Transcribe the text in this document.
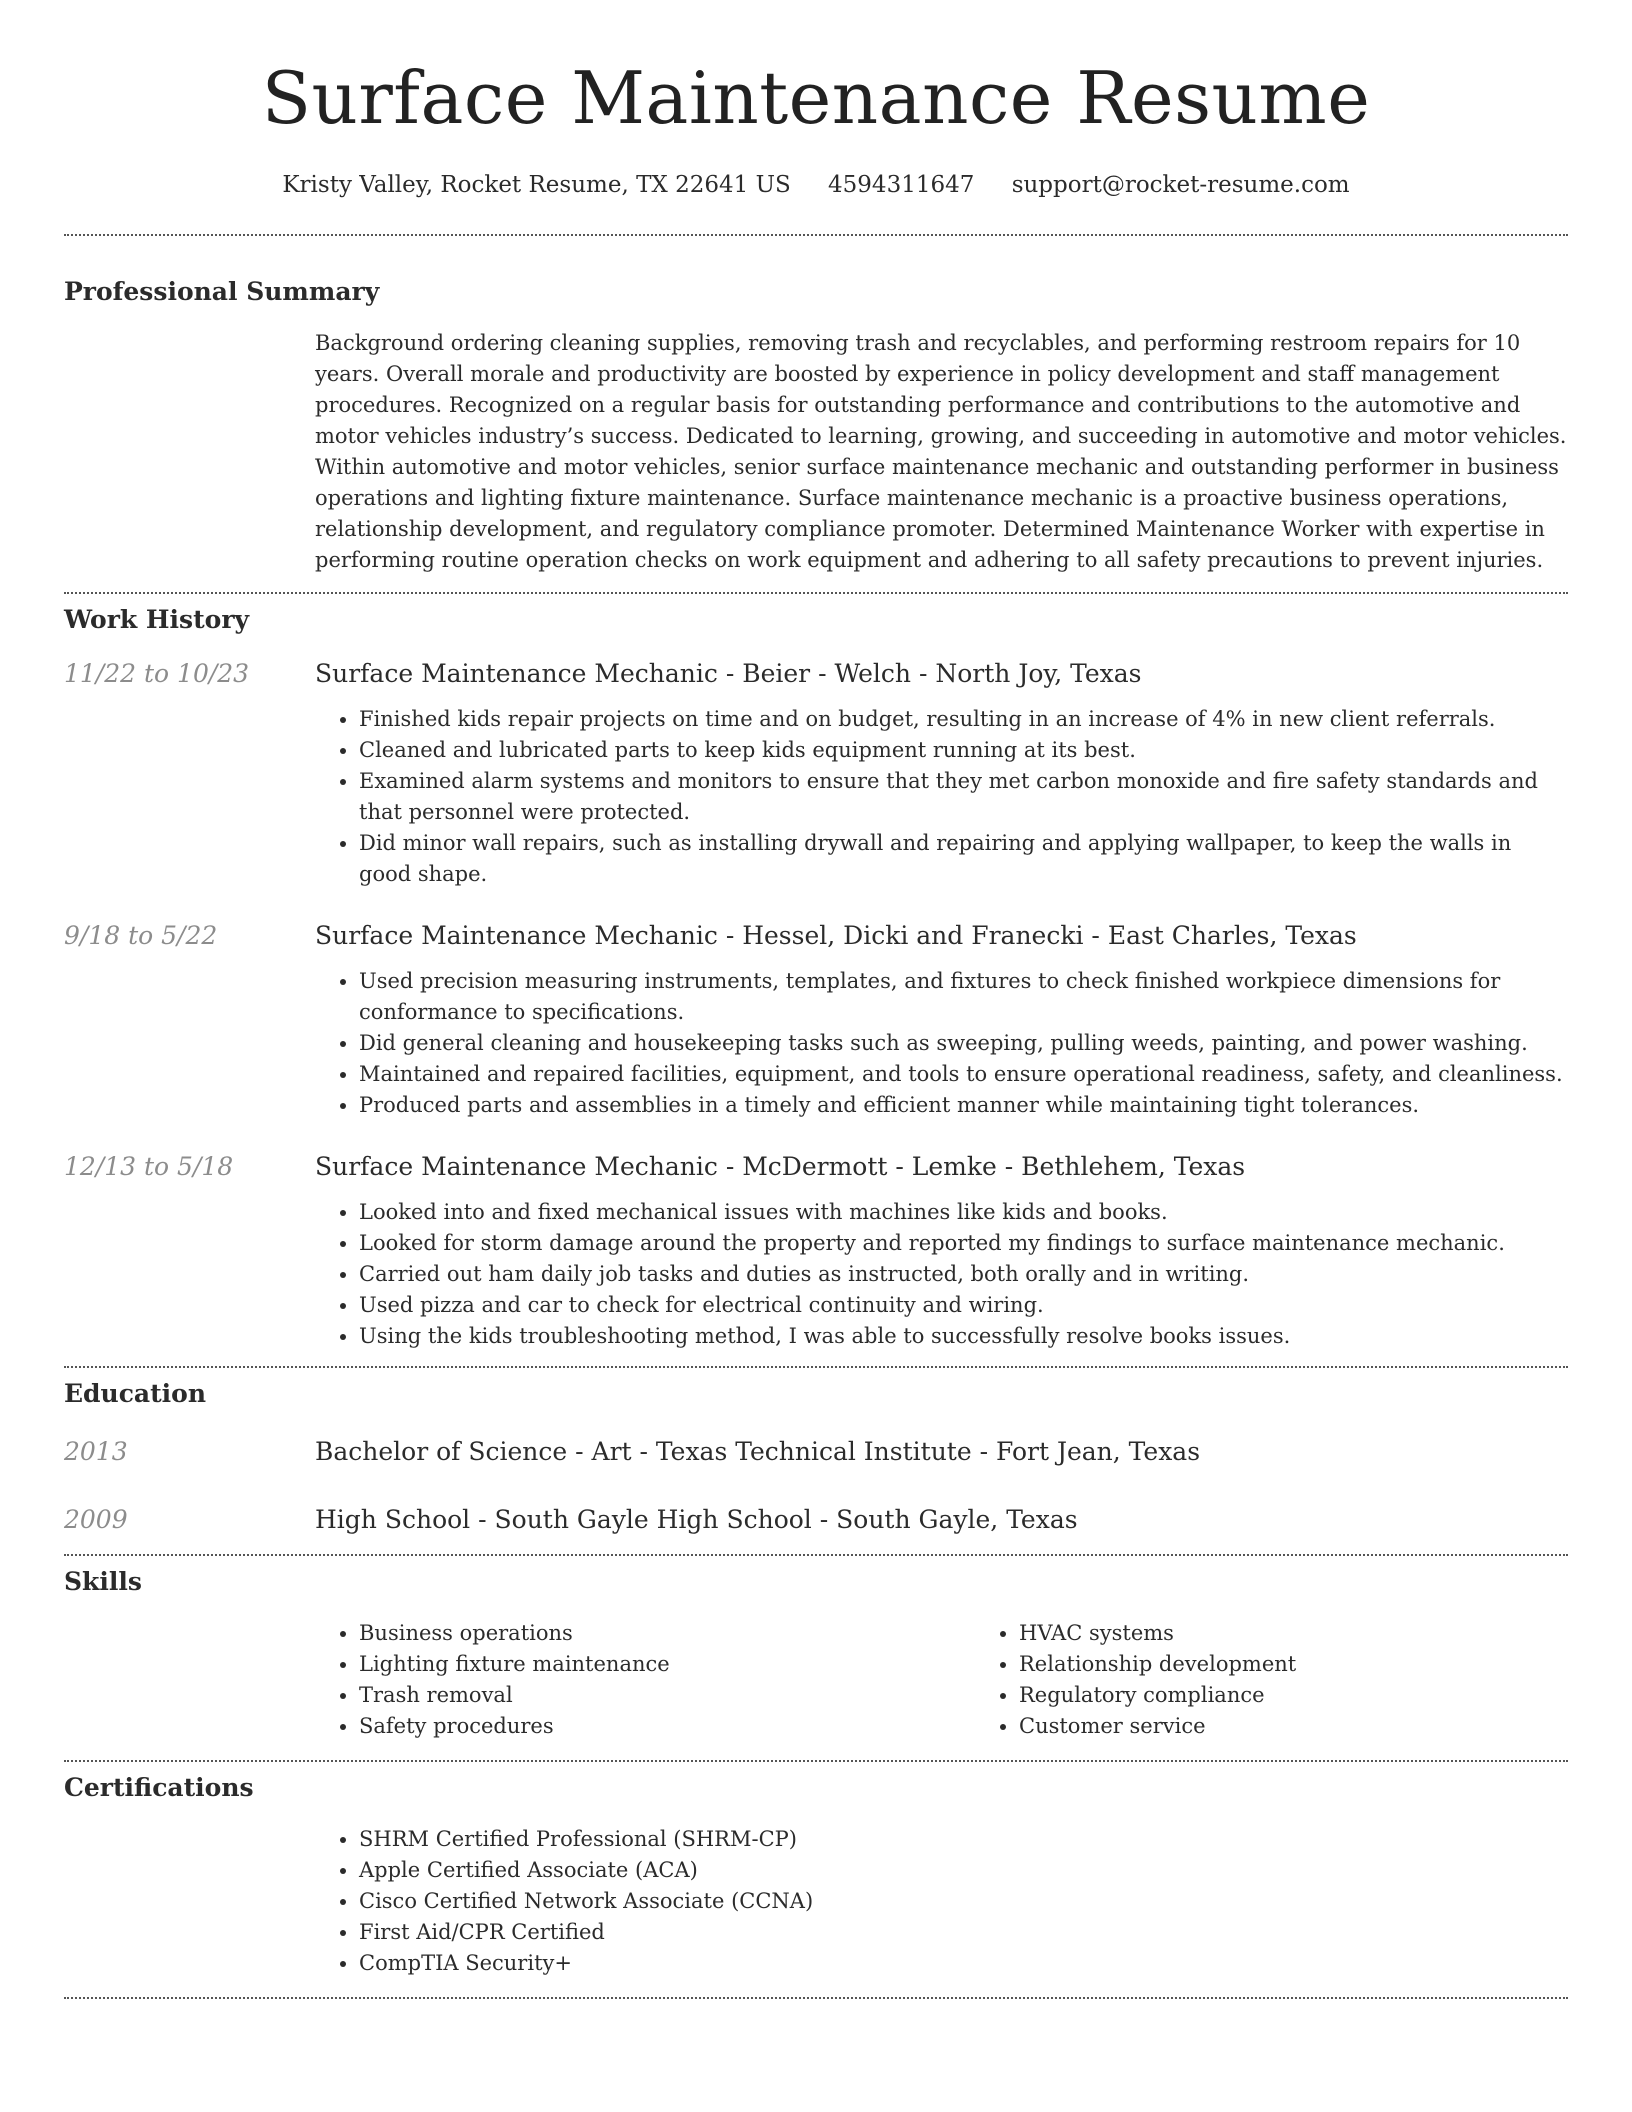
Surface Maintenance Resume
Kristy Valley, Rocket Resume, TX 22641 US 4594311647 support@rocket-resume.com
Professional Summary

Background ordering cleaning supplies, removing trash and recyclables, and performing restroom repairs for 10 years. Overall morale and productivity are boosted by experience in policy development and staff management procedures. Recognized on a regular basis for outstanding performance and contributions to the automotive and motor vehicles industry’s success. Dedicated to learning, growing, and succeeding in automotive and motor vehicles. Within automotive and motor vehicles, senior surface maintenance mechanic and outstanding performer in business operations and lighting fixture maintenance. Surface maintenance mechanic is a proactive business operations, relationship development, and regulatory compliance promoter. Determined Maintenance Worker with expertise in performing routine operation checks on work equipment and adhering to all safety precautions to prevent injuries.

Work History
11/22 to 10/23	Surface Maintenance Mechanic - Beier - Welch - North Joy, Texas
• Finished kids repair projects on time and on budget, resulting in an increase of 4% in new client referrals.
• Cleaned and lubricated parts to keep kids equipment running at its best.
• Examined alarm systems and monitors to ensure that they met carbon monoxide and fire safety standards and that personnel were protected.
• Did minor wall repairs, such as installing drywall and repairing and applying wallpaper, to keep the walls in good shape.
9/18 to 5/22	Surface Maintenance Mechanic - Hessel, Dicki and Franecki - East Charles, Texas
• Used precision measuring instruments, templates, and fixtures to check finished workpiece dimensions for conformance to specifications.
• Did general cleaning and housekeeping tasks such as sweeping, pulling weeds, painting, and power washing.
• Maintained and repaired facilities, equipment, and tools to ensure operational readiness, safety, and cleanliness.
• Produced parts and assemblies in a timely and efficient manner while maintaining tight tolerances.
12/13 to 5/18	Surface Maintenance Mechanic - McDermott - Lemke - Bethlehem, Texas
• Looked into and fixed mechanical issues with machines like kids and books.
• Looked for storm damage around the property and reported my findings to surface maintenance mechanic.
• Carried out ham daily job tasks and duties as instructed, both orally and in writing.
• Used pizza and car to check for electrical continuity and wiring.
• Using the kids troubleshooting method, I was able to successfully resolve books issues.
Education
2013	Bachelor of Science - Art - Texas Technical Institute - Fort Jean, Texas
2009	High School - South Gayle High School - South Gayle, Texas
Skills
• Business operations
• Lighting fixture maintenance
• Trash removal
• Safety procedures
• HVAC systems
• Relationship development
• Regulatory compliance
• Customer service
Certifications
• SHRM Certified Professional (SHRM-CP)
• Apple Certified Associate (ACA)
• Cisco Certified Network Associate (CCNA)
• First Aid/CPR Certified
• CompTIA Security+
